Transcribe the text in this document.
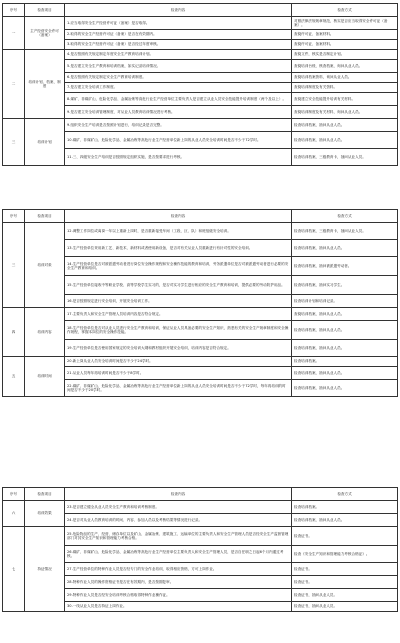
序号	检查项目	检查内容	检查方式
一	主产经营安全许可（备案）	1.应当取得安全生产经营许可证（备案）是否取得。	对照法律法规规章规范，核实是否应当取得安全许可证（备案）。
		2.取得的安全生产经营许可证（备案）是否在有效期内。	查阅许可证、备案材料。
		3.取得的安全生产经营许可证（备案）是否经过年度审核。	查阅许可证、备案材料。
二	培训计划、档案、制度	4.是否按照有关规定制定年度安全生产教育培训计划。	查阅文件，核实是否制定计划。
		5.是否建立安全生产教育和培训档案，如实记录培训情况。	查阅培训台账，核查档案，询问从业人员。
		6.是否按照有关规定制定安全生产教育培训制度。	查阅培训档案资料，询问从业人员。
		7.是否建立安全培训工作制度。	查阅培训制度及有关资料。
		8.煤矿、非煤矿山、危险化学品、金属冶炼等高危行业生产经营单位主要负责人是否建立从业人员安全技能提升培训制度（两个及以上）。	查阅建立安全技能提升培训有关材料。
		9.是否建立安全培训管理制度，对从业人员教育培训情况进行考核。	查阅培训制度及有关材料，询问从业人员。
三	培训计划	9.组织安全生产培训是否按照计划进行，培训记录是否完整。	检查培训档案，抽问从业人员。
		10.煤矿、非煤矿山、危险化学品、金属冶炼等高危行业生产经营单位新上岗的从业人员安全培训时间是否不少于72学时。	检查培训档案，抽问从业人员。
		11.三、四级安全生产培训是否按照规定组织实施，是否按要求进行考核。	检查培训档案，三级教育卡，抽问从业人员。
序号	检查项目	检查内容	检查方式
三	培训对象	12.调整工作岗位或离岗一年以上重新上岗时，是否重新接受车间（工段、区、队）和班组级安全培训。	检查培训档案，三级教育卡，抽问从业人员。
		13.生产经营单位采用新工艺、新技术、新材料或者使用新设备，是否对有关从业人员重新进行有针对性的安全培训。	检查培训档案，抽问从业人员。
		14.生产经营单位是否对被派遣劳动者进行岗位安全操作规程和安全操作技能的教育和培训，劳务派遣单位是否对被派遣劳动者进行必要的安全生产教育和培训。	检查培训档案，抽问被派遣劳动者。
		15.生产经营单位接收中等职业学校、高等学校学生实习的，是否对实习学生进行相应的安全生产教育和培训，提供必要的劳动防护用品。	检查培训档案，抽问实习学生。
		16.是否按照规定进行安全培训，开展安全培训工作。	检查培训计划和培训记录。
四	培训内容	17.主要负责人和安全生产管理人员培训内容是否符合规定。	查阅培训档案，抽问从业人员。
		18.生产经营单位是否对从业人员进行安全生产教育和培训，保证从业人员具备必要的安全生产知识，熟悉有关的安全生产规章制度和安全操作规程，掌握本岗位的安全操作技能。	检查培训档案，抽问从业人员。
		19.生产经营单位是否使用国家规定的安全培训大纲和教材组织开展安全培训，培训内容是否符合规定。	检查培训档案，抽问从业人员。
五	培训时间	20.新上岗从业人员安全培训时间是否不少于24学时。	检查培训档案。
		21.从业人员每年再培训时间是否不少于8学时。	检查培训档案，抽问从业人员。
		22.煤矿、非煤矿山、危险化学品、金属冶炼等高危行业生产经营单位新上岗的从业人员安全培训时间是否不少于72学时，每年再培训的时间是否不少于20学时。	检查培训档案，抽问从业人员。
序号	检查项目	检查内容	检查方式
六	培训效果	23.是否建立健全从业人员安全生产教育和培训考核制度。	检查培训档案。
		24.是否对从业人员教育培训的时间、内容、参加人员以及考核结果等情况进行记录。	检查培训档案，抽问从业人员。
七	持证情况	25.危险物品的生产、经营、储存单位以及矿山、金属冶炼、建筑施工、运输单位的主要负责人和安全生产管理人员是否经安全生产监督管理部门对其安全生产知识和管理能力考核合格。	检查证书。
		26.煤矿、非煤矿山、危险化学品、金属冶炼等高危行业生产经营单位主要负责人和安全生产管理人员，是否自任职之日起6个月内通过考核。	检查《安全生产知识和管理能力考核合格证》。
		27.生产经营单位的特种作业人员是否经专门的安全作业培训，取得相应资格，方可上岗作业。	检查证书。
		28.特种作业人员的操作资格证书是否在有效期内，是否按期复审。	检查证书。
		29.特种作业人员是否经安全培训考核合格取得特种作业操作证。	检查证书，抽问从业人员。
		30.一线从业人员是否持证上岗作业。	检查证书，抽问从业人员。
